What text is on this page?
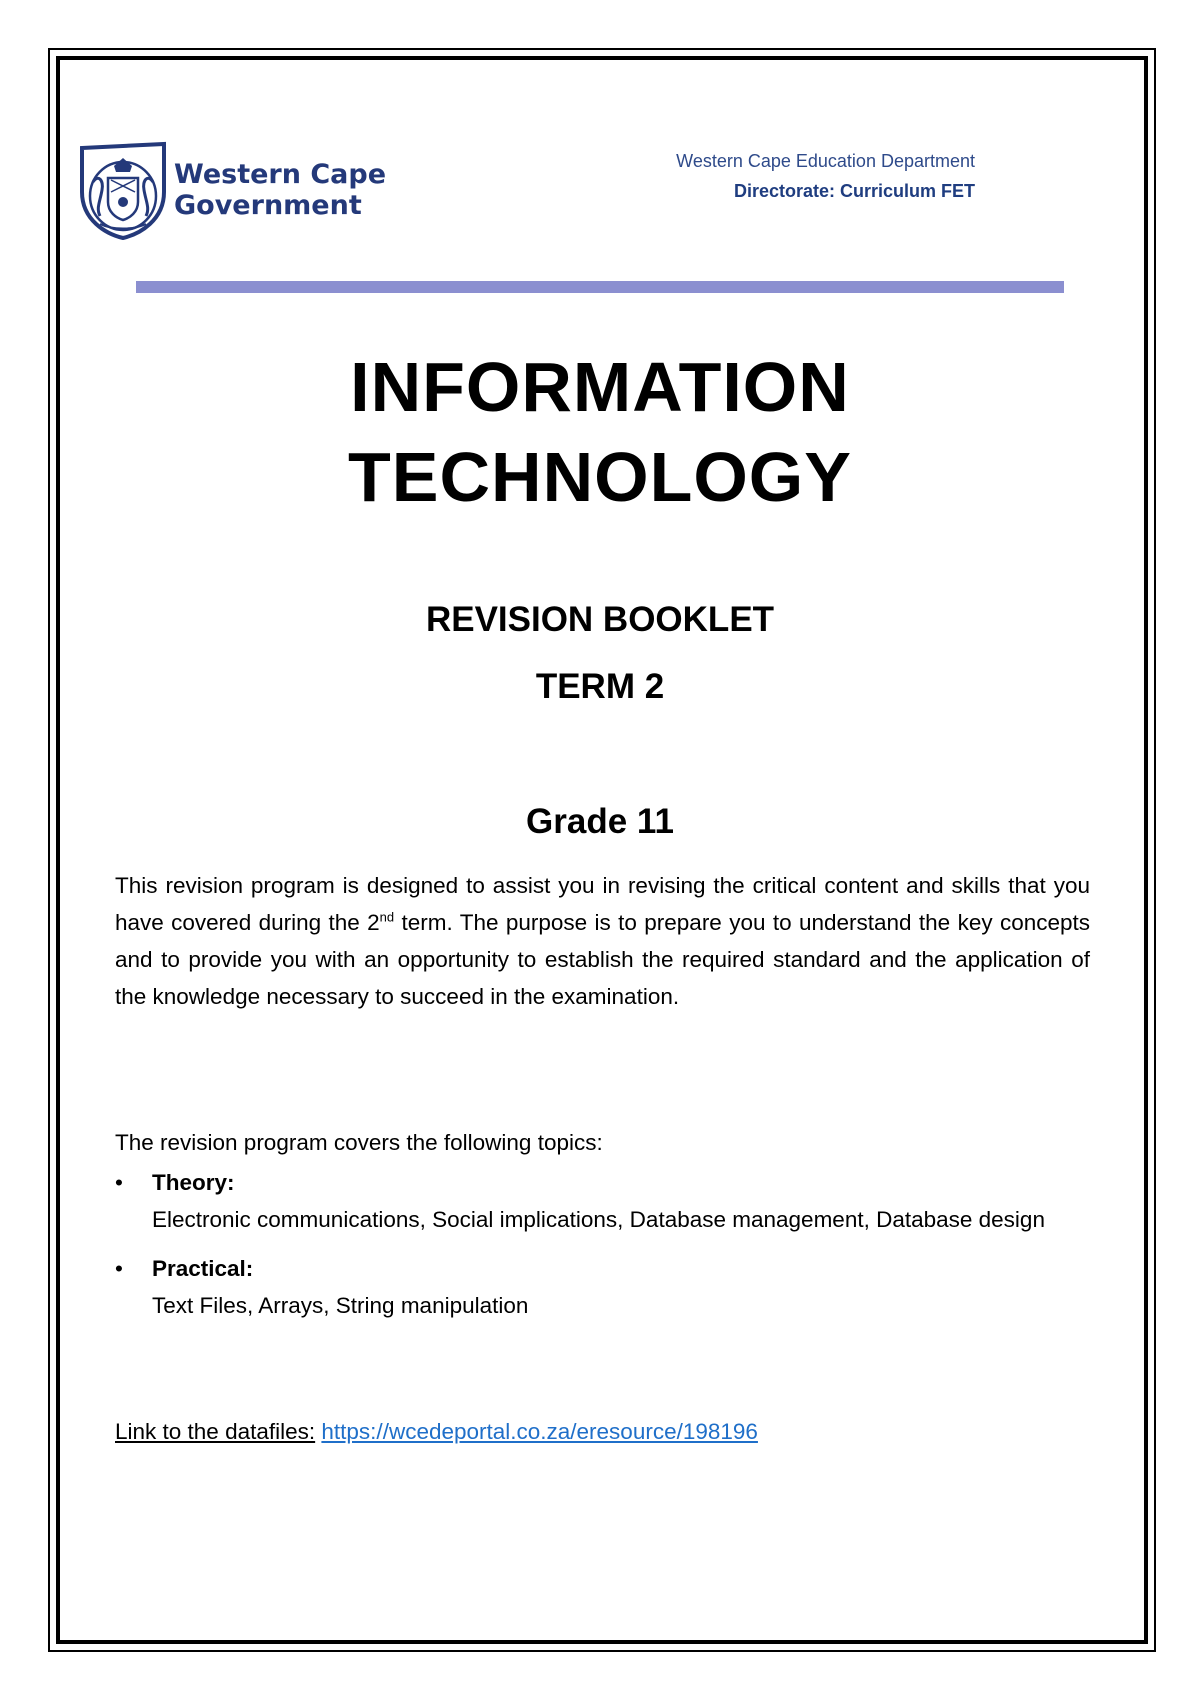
Western Cape
Government
Western Cape Education Department
Directorate: Curriculum FET
INFORMATION
TECHNOLOGY
REVISION BOOKLET
TERM 2
Grade 11
This revision program is designed to assist you in revising the critical content and skills that you have covered during the 2nd term. The purpose is to prepare you to understand the key concepts and to provide you with an opportunity to establish the required standard and the application of the knowledge necessary to succeed in the examination.
The revision program covers the following topics:
• Theory:
Electronic communications, Social implications, Database management, Database design
• Practical:
Text Files, Arrays, String manipulation
Link to the datafiles: https://wcedeportal.co.za/eresource/198196
